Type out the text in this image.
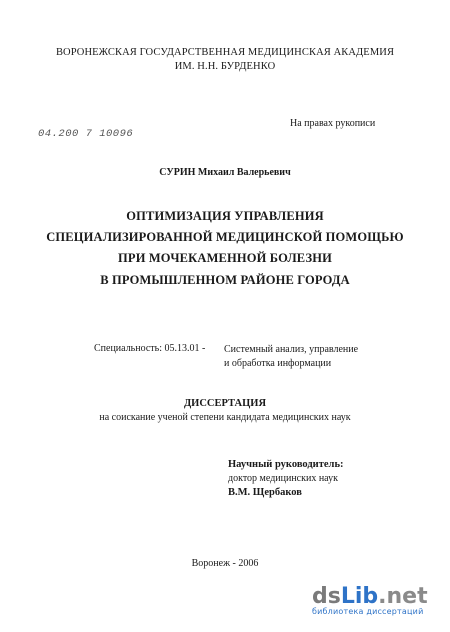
ВОРОНЕЖСКАЯ ГОСУДАРСТВЕННАЯ МЕДИЦИНСКАЯ АКАДЕМИЯ
ИМ. Н.Н. БУРДЕНКО
04.200 7 10096
На правах рукописи
СУРИН Михаил Валерьевич
ОПТИМИЗАЦИЯ УПРАВЛЕНИЯ
СПЕЦИАЛИЗИРОВАННОЙ МЕДИЦИНСКОЙ ПОМОЩЬЮ
ПРИ МОЧЕКАМЕННОЙ БОЛЕЗНИ
В ПРОМЫШЛЕННОМ РАЙОНЕ ГОРОДА
Специальность: 05.13.01 - Системный анализ, управление
и обработка информации
ДИССЕРТАЦИЯ
на соискание ученой степени кандидата медицинских наук
Научный руководитель:
доктор медицинских наук
В.М. Щербаков
Воронеж - 2006
dsLib.net
библиотека диссертаций
